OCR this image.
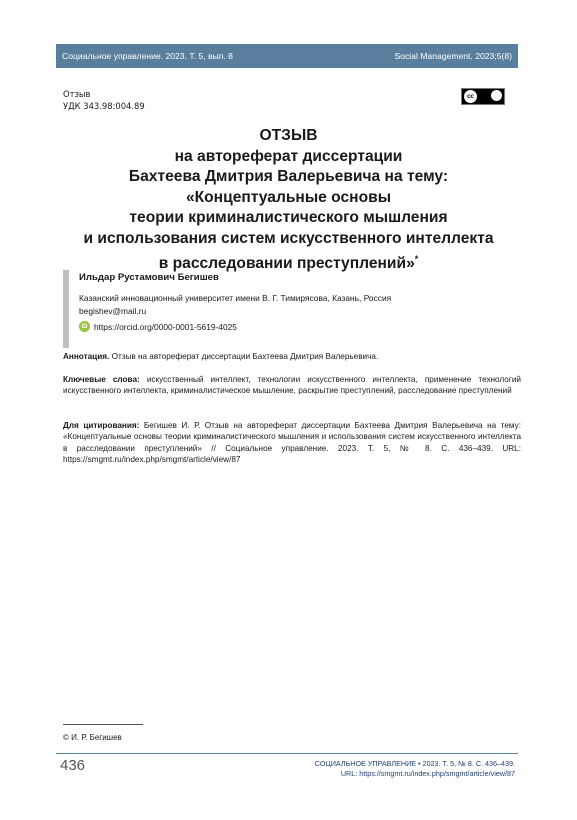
Социальное управление. 2023. Т. 5, вып. 8	Social Management. 2023;5(8)
Отзыв
УДК 343.98:004.89
cc
ОТЗЫВ
на автореферат диссертации
Бахтеева Дмитрия Валерьевича на тему:
«Концептуальные основы
теории криминалистического мышления
и использования систем искусственного интеллекта
в расследовании преступлений»*
Ильдар Рустамович Бегишев
Казанский инновационный университет имени В. Г. Тимирясова, Казань, Россия
begishev@mail.ru
iD https://orcid.org/0000-0001-5619-4025
Аннотация. Отзыв на автореферат диссертации Бахтеева Дмитрия Валерьевича.
Ключевые слова: искусственный интеллект, технологии искусственного интеллекта, применение технологий искусственного интеллекта, криминалистическое мышление, раскрытие преступлений, расследование преступлений
Для цитирования: Бегишев И. Р. Отзыв на автореферат диссертации Бахтеева Дмитрия Валерьевича на тему: «Концептуальные основы теории криминалистического мышления и использования систем искусственного интеллекта в расследовании преступлений» // Социальное управление. 2023. Т. 5, № 8. С. 436–439. URL: https://smgmt.ru/index.php/smgmt/article/view/87
© И. Р. Бегишев
436	СОЦИАЛЬНОЕ УПРАВЛЕНИЕ • 2023. Т. 5, № 8. С. 436–439.
URL: https://smgmt.ru/index.php/smgmt/article/view/87
